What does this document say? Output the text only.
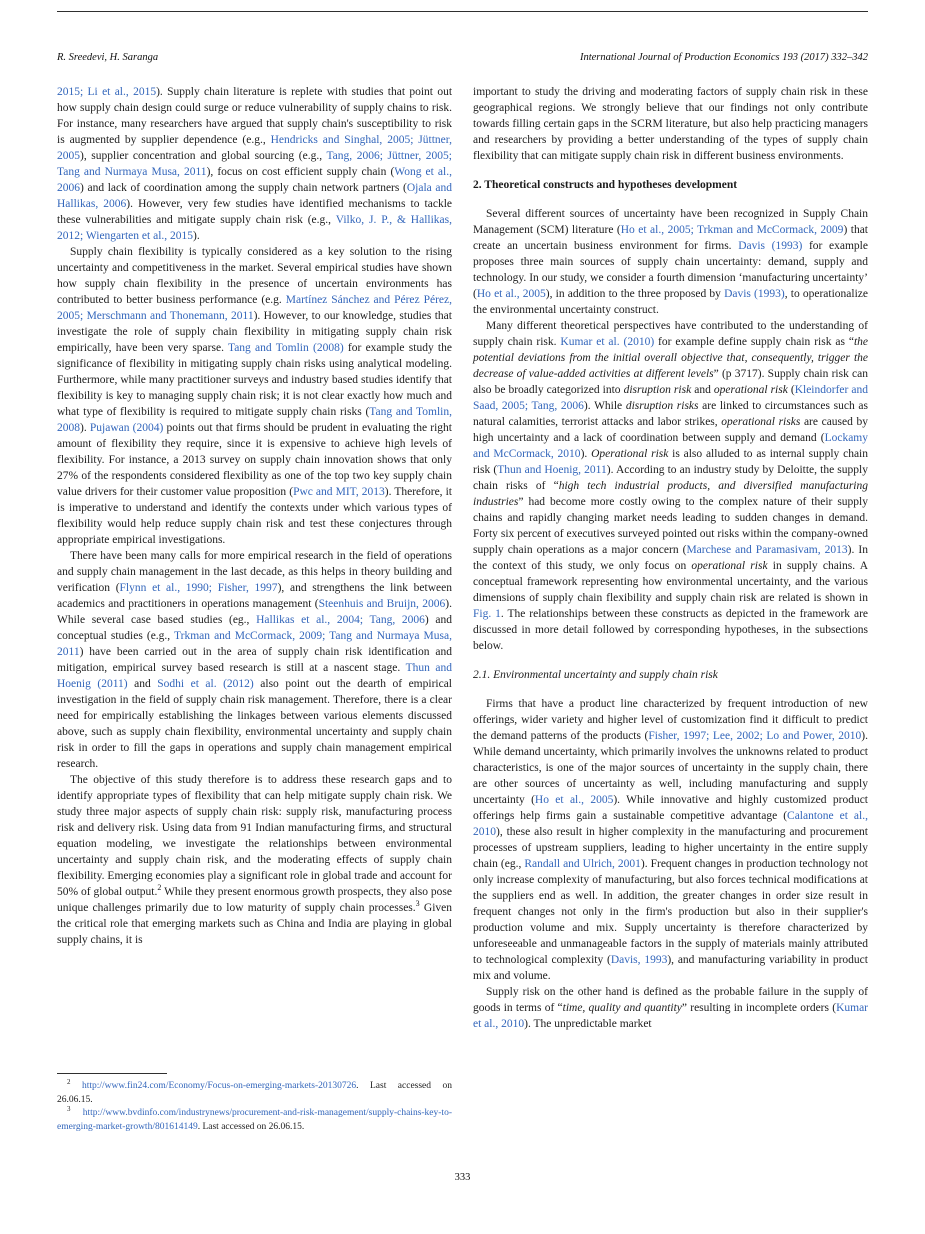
R. Sreedevi, H. Saranga	International Journal of Production Economics 193 (2017) 332–342

2015; Li et al., 2015). Supply chain literature is replete with studies that point out how supply chain design could surge or reduce vulnerability of supply chains to risk. For instance, many researchers have argued that supply chain's susceptibility to risk is augmented by supplier dependence (e.g., Hendricks and Singhal, 2005; Jüttner, 2005), supplier concentration and global sourcing (e.g., Tang, 2006; Jüttner, 2005; Tang and Nurmaya Musa, 2011), focus on cost efficient supply chain (Wong et al., 2006) and lack of coordination among the supply chain network partners (Ojala and Hallikas, 2006). However, very few studies have identified mechanisms to tackle these vulnerabilities and mitigate supply chain risk (e.g., Vilko, J. P., & Hallikas, 2012; Wiengarten et al., 2015).

Supply chain flexibility is typically considered as a key solution to the rising uncertainty and competitiveness in the market. Several empirical studies have shown how supply chain flexibility in the presence of uncertain environments has contributed to better business performance (e.g. Martínez Sánchez and Pérez Pérez, 2005; Merschmann and Thonemann, 2011). However, to our knowledge, studies that investigate the role of supply chain flexibility in mitigating supply chain risk empirically, have been very sparse. Tang and Tomlin (2008) for example study the significance of flexibility in mitigating supply chain risks using analytical modeling. Furthermore, while many practitioner surveys and industry based studies identify that flexibility is key to managing supply chain risk; it is not clear exactly how much and what type of flexibility is required to mitigate supply chain risks (Tang and Tomlin, 2008). Pujawan (2004) points out that firms should be prudent in evaluating the right amount of flexibility they require, since it is expensive to achieve high levels of flexibility. For instance, a 2013 survey on supply chain innovation shows that only 27% of the respondents considered flexibility as one of the top two key supply chain value drivers for their customer value proposition (Pwc and MIT, 2013). Therefore, it is imperative to understand and identify the contexts under which various types of flexibility would help reduce supply chain risk and test these conjectures through appropriate empirical investigations.

There have been many calls for more empirical research in the field of operations and supply chain management in the last decade, as this helps in theory building and verification (Flynn et al., 1990; Fisher, 1997), and strengthens the link between academics and practitioners in operations management (Steenhuis and Bruijn, 2006). While several case based studies (eg., Hallikas et al., 2004; Tang, 2006) and conceptual studies (e.g., Trkman and McCormack, 2009; Tang and Nurmaya Musa, 2011) have been carried out in the area of supply chain risk identification and mitigation, empirical survey based research is still at a nascent stage. Thun and Hoenig (2011) and Sodhi et al. (2012) also point out the dearth of empirical investigation in the field of supply chain risk management. Therefore, there is a clear need for empirically establishing the linkages between various elements discussed above, such as supply chain flexibility, environmental uncertainty and supply chain risk in order to fill the gaps in operations and supply chain management empirical research.

The objective of this study therefore is to address these research gaps and to identify appropriate types of flexibility that can help mitigate supply chain risk. We study three major aspects of supply chain risk: supply risk, manufacturing process risk and delivery risk. Using data from 91 Indian manufacturing firms, and structural equation modeling, we investigate the relationships between environmental uncertainty and supply chain risk, and the moderating effects of supply chain flexibility. Emerging economies play a significant role in global trade and account for 50% of global output.$^2$ While they present enormous growth prospects, they also pose unique challenges primarily due to low maturity of supply chain processes.$^3$ Given the critical role that emerging markets such as China and India are playing in global supply chains, it is

important to study the driving and moderating factors of supply chain risk in these geographical regions. We strongly believe that our findings not only contribute towards filling certain gaps in the SCRM literature, but also help practicing managers and researchers by providing a better understanding of the types of supply chain flexibility that can mitigate supply chain risk in different business environments.

2. Theoretical constructs and hypotheses development

Several different sources of uncertainty have been recognized in Supply Chain Management (SCM) literature (Ho et al., 2005; Trkman and McCormack, 2009) that create an uncertain business environment for firms. Davis (1993) for example proposes three main sources of supply chain uncertainty: demand, supply and technology. In our study, we consider a fourth dimension ‘manufacturing uncertainty’ (Ho et al., 2005), in addition to the three proposed by Davis (1993), to operationalize the environmental uncertainty construct.

Many different theoretical perspectives have contributed to the understanding of supply chain risk. Kumar et al. (2010) for example define supply chain risk as “the potential deviations from the initial overall objective that, consequently, trigger the decrease of value-added activities at different levels” (p 3717). Supply chain risk can also be broadly categorized into disruption risk and operational risk (Kleindorfer and Saad, 2005; Tang, 2006). While disruption risks are linked to circumstances such as natural calamities, terrorist attacks and labor strikes, operational risks are caused by high uncertainty and a lack of coordination between supply and demand (Lockamy and McCormack, 2010). Operational risk is also alluded to as internal supply chain risk (Thun and Hoenig, 2011). According to an industry study by Deloitte, the supply chain risks of “high tech industrial products, and diversified manufacturing industries” had become more costly owing to the complex nature of their supply chains and rapidly changing market needs leading to sudden changes in demand. Forty six percent of executives surveyed pointed out risks within the company-owned supply chain operations as a major concern (Marchese and Paramasivam, 2013). In the context of this study, we only focus on operational risk in supply chains. A conceptual framework representing how environmental uncertainty, and the various dimensions of supply chain flexibility and supply chain risk are related is shown in Fig. 1. The relationships between these constructs as depicted in the framework are discussed in more detail followed by corresponding hypotheses, in the subsections below.

2.1. Environmental uncertainty and supply chain risk

Firms that have a product line characterized by frequent introduction of new offerings, wider variety and higher level of customization find it difficult to predict the demand patterns of the products (Fisher, 1997; Lee, 2002; Lo and Power, 2010). While demand uncertainty, which primarily involves the unknowns related to product characteristics, is one of the major sources of uncertainty in the supply chain, there are other sources of uncertainty as well, including manufacturing and supply uncertainty (Ho et al., 2005). While innovative and highly customized product offerings help firms gain a sustainable competitive advantage (Calantone et al., 2010), these also result in higher complexity in the manufacturing and procurement processes of upstream suppliers, leading to higher uncertainty in the entire supply chain (eg., Randall and Ulrich, 2001). Frequent changes in production technology not only increase complexity of manufacturing, but also forces technical modifications at the suppliers end as well. In addition, the greater changes in order size result in frequent changes not only in the firm's production but also in their supplier's production volume and mix. Supply uncertainty is therefore characterized by unforeseeable and unmanageable factors in the supply of materials mainly attributed to technological complexity (Davis, 1993), and manufacturing variability in product mix and volume.

Supply risk on the other hand is defined as the probable failure in the supply of goods in terms of “time, quality and quantity” resulting in incomplete orders (Kumar et al., 2010). The unpredictable market

$^2$ http://www.fin24.com/Economy/Focus-on-emerging-markets-20130726. Last accessed on 26.06.15.

$^3$ http://www.bvdinfo.com/industrynews/procurement-and-risk-management/supply-chains-key-to-emerging-market-growth/801614149. Last accessed on 26.06.15.

333
